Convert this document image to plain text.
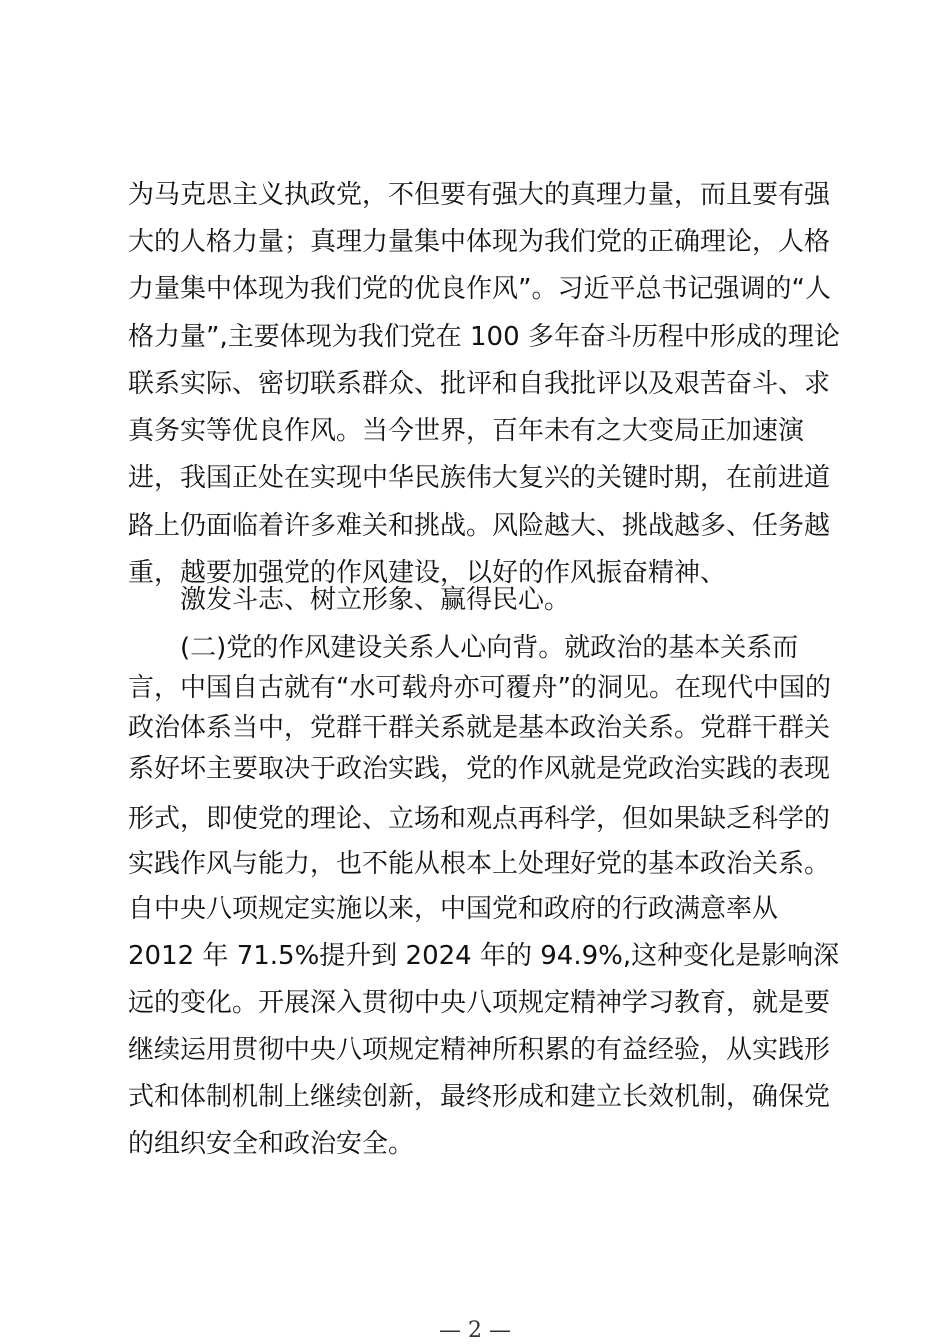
为马克思主义执政党，不但要有强大的真理力量，而且要有强
大的人格力量；真理力量集中体现为我们党的正确理论，人格
力量集中体现为我们党的优良作风”。习近平总书记强调的“人
格力量”,主要体现为我们党在 100 多年奋斗历程中形成的理论
联系实际、密切联系群众、批评和自我批评以及艰苦奋斗、求
真务实等优良作风。当今世界，百年未有之大变局正加速演
进，我国正处在实现中华民族伟大复兴的关键时期，在前进道
路上仍面临着许多难关和挑战。风险越大、挑战越多、任务越
重，越要加强党的作风建设，以好的作风振奋精神、
激发斗志、树立形象、赢得民心。
(二)党的作风建设关系人心向背。就政治的基本关系而
言，中国自古就有“水可载舟亦可覆舟”的洞见。在现代中国的
政治体系当中，党群干群关系就是基本政治关系。党群干群关
系好坏主要取决于政治实践，党的作风就是党政治实践的表现
形式，即使党的理论、立场和观点再科学，但如果缺乏科学的
实践作风与能力，也不能从根本上处理好党的基本政治关系。
自中央八项规定实施以来，中国党和政府的行政满意率从
2012 年 71.5%提升到 2024 年的 94.9%,这种变化是影响深
远的变化。开展深入贯彻中央八项规定精神学习教育，就是要
继续运用贯彻中央八项规定精神所积累的有益经验，从实践形
式和体制机制上继续创新，最终形成和建立长效机制，确保党
的组织安全和政治安全。
— 2 —
